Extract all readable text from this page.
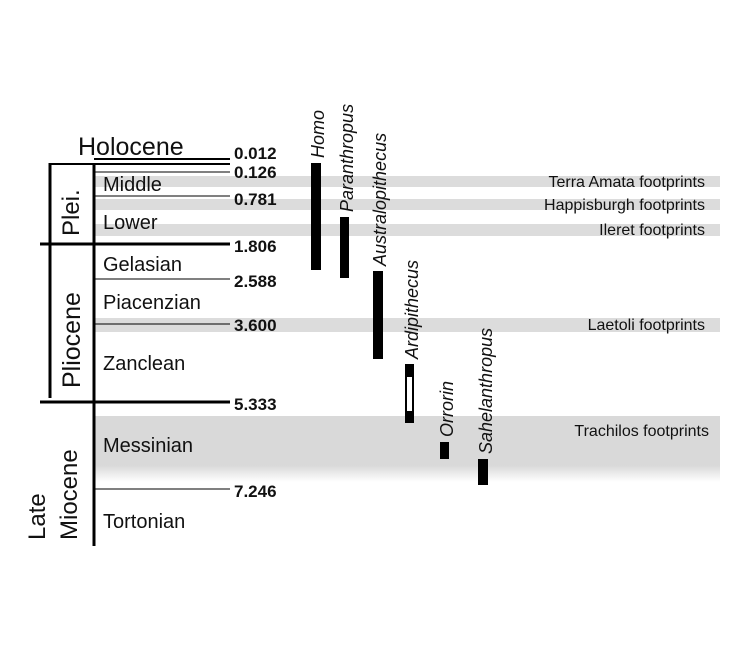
Holocene
Plei.
Pliocene
Late Miocene
Middle
Lower
Gelasian
Piacenzian
Zanclean
Messinian
Tortonian
0.012
0.126
0.781
1.806
2.588
3.600
5.333
7.246
Homo Paranthropus Australopithecus
Ardipithecus
Orrorin Sahelanthropus
Terra Amata footprints
Happisburgh footprints
Ileret footprints
Laetoli footprints
Trachilos footprints
